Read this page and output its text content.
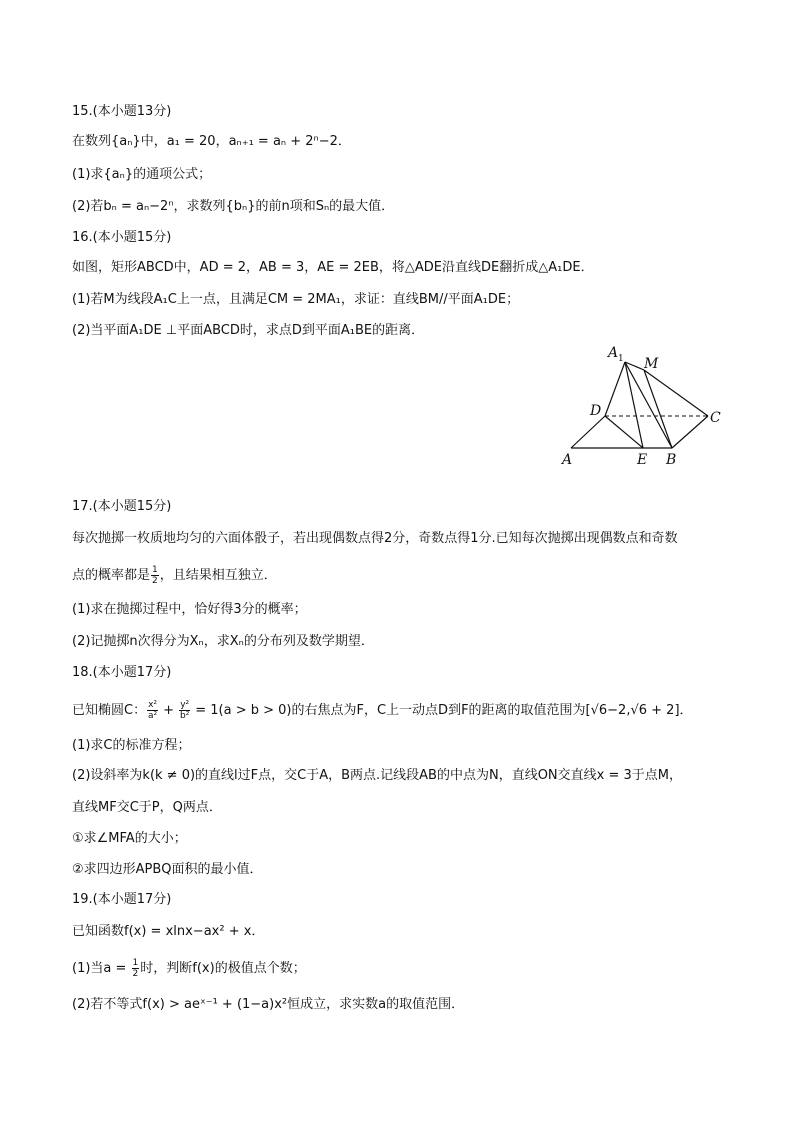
15.(本小题13分)
在数列{aₙ}中，a₁ = 20，aₙ₊₁ = aₙ + 2ⁿ−2．
(1)求{aₙ}的通项公式；
(2)若bₙ = aₙ−2ⁿ，求数列{bₙ}的前n项和Sₙ的最大值．
16.(本小题15分)
如图，矩形ABCD中，AD = 2，AB = 3，AE = 2EB，将△ADE沿直线DE翻折成△A₁DE．
(1)若M为线段A₁C上一点，且满足CM = 2MA₁，求证：直线BM//平面A₁DE；
(2)当平面A₁DE ⊥平面ABCD时，求点D到平面A₁BE的距离．
A 1 M
D	C
A	E B
17.(本小题15分)
每次抛掷一枚质地均匀的六面体骰子，若出现偶数点得2分，奇数点得1分.已知每次抛掷出现偶数点和奇数
点的概率都是 $\frac{1}{2}$ ，且结果相互独立．
(1)求在抛掷过程中，恰好得3分的概率；
(2)记抛掷n次得分为Xₙ，求Xₙ的分布列及数学期望．
18.(本小题17分)
已知椭圆C： $\frac{\text{x²}}{\text{a²}} + \frac{\text{y²}}{\text{b²}} = 1(a > b > 0)$的右焦点为F，C上一动点D到F的距离的取值范围为[√6−2,√6 + 2]．
(1)求C的标准方程；
(2)设斜率为k(k ≠ 0)的直线l过F点，交C于A，B两点.记线段AB的中点为N，直线ON交直线x = 3于点M，
直线MF交C于P，Q两点．
①求∠MFA的大小；
②求四边形APBQ面积的最小值．
19.(本小题17分)
已知函数f(x) = xlnx−ax² + x．
(1)当$a = \frac{1}{2}$ 时，判断f(x)的极值点个数；
(2)若不等式f(x) > aeˣ⁻¹ + (1−a)x²恒成立，求实数a的取值范围．
